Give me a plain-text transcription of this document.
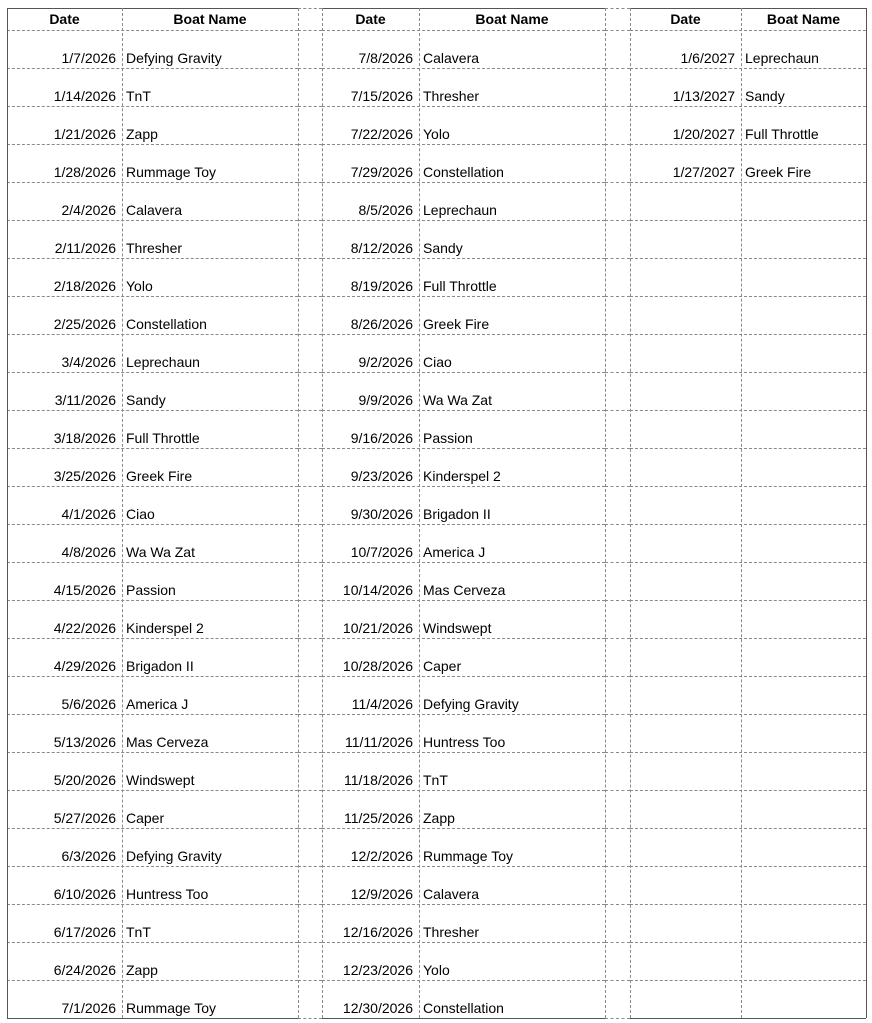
Date	Boat Name
1/7/2026 Defying Gravity
1/14/2026 TnT
1/21/2026 Zapp
1/28/2026 Rummage Toy
2/4/2026 Calavera
2/11/2026 Thresher
2/18/2026 Yolo
2/25/2026 Constellation
3/4/2026 Leprechaun
3/11/2026 Sandy
3/18/2026 Full Throttle
3/25/2026 Greek Fire
4/1/2026 Ciao
4/8/2026 Wa Wa Zat
4/15/2026 Passion
4/22/2026 Kinderspel 2
4/29/2026 Brigadon II
5/6/2026 America J
5/13/2026 Mas Cerveza
5/20/2026 Windswept
5/27/2026 Caper
6/3/2026 Defying Gravity
6/10/2026 Huntress Too
6/17/2026 TnT
6/24/2026 Zapp
7/1/2026 Rummage Toy
Date	Boat Name
7/8/2026 Calavera
7/15/2026 Thresher
7/22/2026 Yolo
7/29/2026 Constellation
8/5/2026 Leprechaun
8/12/2026 Sandy
8/19/2026 Full Throttle
8/26/2026 Greek Fire
9/2/2026 Ciao
9/9/2026 Wa Wa Zat
9/16/2026 Passion
9/23/2026 Kinderspel 2
9/30/2026 Brigadon II
10/7/2026 America J
10/14/2026 Mas Cerveza
10/21/2026 Windswept
10/28/2026 Caper
11/4/2026 Defying Gravity
11/11/2026 Huntress Too
11/18/2026 TnT
11/25/2026 Zapp
12/2/2026 Rummage Toy
12/9/2026 Calavera
12/16/2026 Thresher
12/23/2026 Yolo
12/30/2026 Constellation
Date	Boat Name
1/6/2027 Leprechaun
1/13/2027 Sandy
1/20/2027 Full Throttle
1/27/2027 Greek Fire
